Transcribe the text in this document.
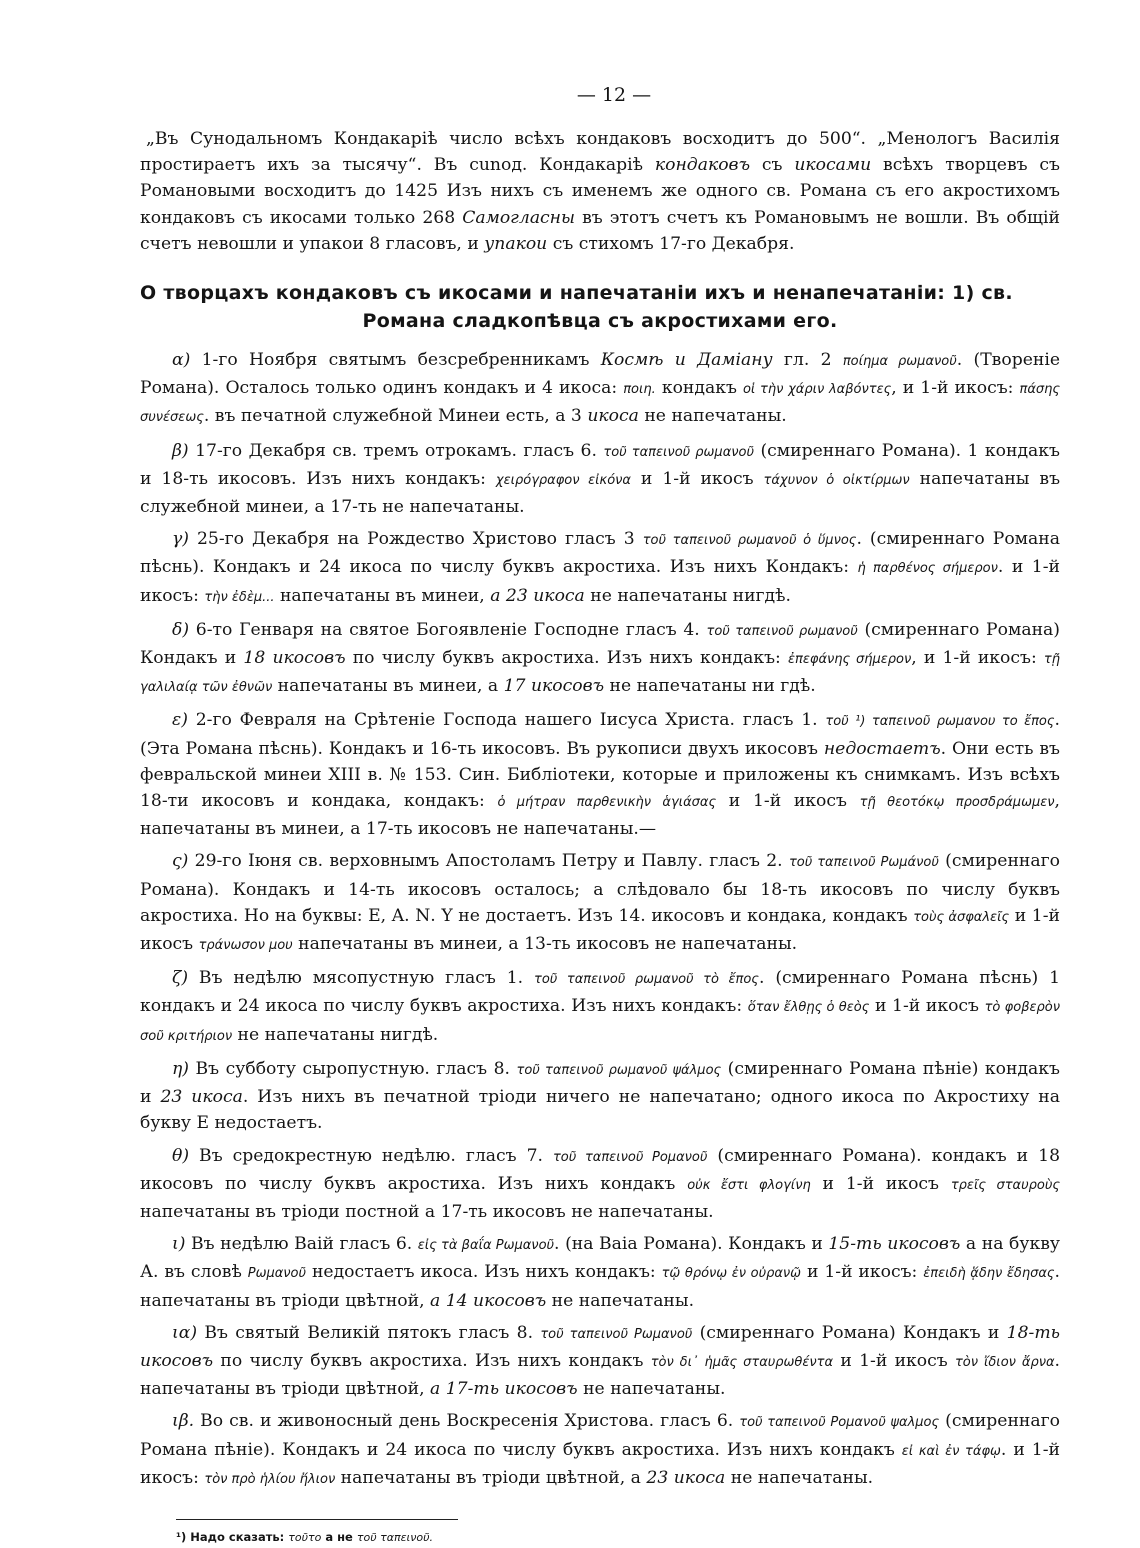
— 12 —

„Въ Сунодальномъ Кондакаріѣ число всѣхъ кондаковъ восходитъ до 500“. „Менологъ Василія простираетъ ихъ за тысячу“. Въ сunод. Кондакаріѣ кондаковъ съ икосами всѣхъ творцевъ съ Романовыми восходитъ до 1425 Изъ нихъ съ именемъ же одного св. Романа съ его акростихомъ кондаковъ съ икосами только 268 Самогласны въ этотъ счетъ къ Романовымъ не вошли. Въ общій счетъ невошли и упакои 8 гласовъ, и упакои съ стихомъ 17-го Декабря.

О творцахъ кондаковъ съ икосами и напечатаніи ихъ и ненапечатаніи: 1) св.
Романа сладкопѣвца съ акростихами его.

α) 1-го Ноября святымъ безсребренникамъ Космѣ и Даміану гл. 2 ποίημα ρωμανοῦ. (Твореніе Романа). Осталось только одинъ кондакъ и 4 икоса: ποιη. кондакъ οἱ τὴν χάριν λαβόντες, и 1-й икосъ: πάσης συνέσεως. въ печатной служебной Минеи есть, а 3 икоса не напечатаны.

β) 17-го Декабря св. тремъ отрокамъ. гласъ 6. τοῦ ταπεινοῦ ρωμανοῦ (смиреннаго Романа). 1 кондакъ и 18-ть икосовъ. Изъ нихъ кондакъ: χειρόγραφον εἰκόνα и 1-й икосъ τάχυνον ὁ οἰκτίρμων напечатаны въ служебной минеи, а 17-ть не напечатаны.

γ) 25-го Декабря на Рождество Христово гласъ 3 τοῦ ταπεινοῦ ρωμανοῦ ὁ ὕμνος. (смиреннаго Романа пѣснь). Кондакъ и 24 икоса по числу буквъ акростиха. Изъ нихъ Кондакъ: ἡ παρθένος σήμερον. и 1-й икосъ: τὴν ἐδὲμ... напечатаны въ минеи, а 23 икоса не напечатаны нигдѣ.

δ) 6-то Генваря на святое Богоявленіе Господне гласъ 4. τοῦ ταπεινοῦ ρωμανοῦ (смиреннаго Романа) Кондакъ и 18 икосовъ по числу буквъ акростиха. Изъ нихъ кондакъ: ἐπεφάνης σήμερον, и 1-й икосъ: τῇ γαλιλαίᾳ τῶν ἐθνῶν напечатаны въ минеи, а 17 икосовъ не напечатаны ни гдѣ.

ε) 2-го Февраля на Срѣтеніе Господа нашего Іисуса Христа. гласъ 1. τοῦ ¹) ταπεινοῦ ρωμανου το ἔπος. (Эта Романа пѣснь). Кондакъ и 16-ть икосовъ. Въ рукописи двухъ икосовъ недостаетъ. Они есть въ февральской минеи XIII в. № 153. Син. Библіотеки, которые и приложены къ снимкамъ. Изъ всѣхъ 18-ти икосовъ и кондака, кондакъ: ὁ μήτραν παρθενικὴν ἁγιάσας и 1-й икосъ τῇ θεοτόκῳ προσδράμωμεν, напечатаны въ минеи, а 17-ть икосовъ не напечатаны.—

ς) 29-го Іюня св. верховнымъ Апостоламъ Петру и Павлу. гласъ 2. τοῦ ταπεινοῦ Ρωμάνοῦ (смиреннаго Романа). Кондакъ и 14-ть икосовъ осталось; а слѣдовало бы 18-ть икосовъ по числу буквъ акростиха. Но на буквы: Ε, Α. Ν. Υ не достаетъ. Изъ 14. икосовъ и кондака, кондакъ τοὺς ἀσφαλεῖς и 1-й икосъ τράνωσον μου напечатаны въ минеи, а 13-ть икосовъ не напечатаны.

ζ) Въ недѣлю мясопустную гласъ 1. τοῦ ταπεινοῦ ρωμανοῦ τὸ ἔπος. (смиреннаго Романа пѣснь) 1 кондакъ и 24 икоса по числу буквъ акростиха. Изъ нихъ кондакъ: ὅταν ἔλθῃς ὁ θεὸς и 1-й икосъ τὸ φοβερὸν σοῦ κριτήριον не напечатаны нигдѣ.

η) Въ субботу сыропустную. гласъ 8. τοῦ ταπεινοῦ ρωμανοῦ ψάλμος (смиреннаго Романа пѣніе) кондакъ и 23 икоса. Изъ нихъ въ печатной тріоди ничего не напечатано; одного икоса по Акростиху на букву Е недостаетъ.

θ) Въ средокрестную недѣлю. гласъ 7. τοῦ ταπεινοῦ Ρομανοῦ (смиреннаго Романа). кондакъ и 18 икосовъ по числу буквъ акростиха. Изъ нихъ кондакъ οὐκ ἔστι φλογίνη и 1-й икосъ τρεῖς σταυροὺς напечатаны въ тріоди постной а 17-ть икосовъ не напечатаны.

ι) Въ недѣлю Ваій гласъ 6. εἰς τὰ βαΐα Ρωμανοῦ. (на Ваіа Романа). Кондакъ и 15-ть икосовъ а на букву А. въ словѣ Ρωμανοῦ недостаетъ икоса. Изъ нихъ кондакъ: τῷ θρόνῳ ἐν οὐρανῷ и 1-й икосъ: ἐπειδὴ ᾅδην ἔδησας. напечатаны въ тріоди цвѣтной, а 14 икосовъ не напечатаны.

ια) Въ святый Великій пятокъ гласъ 8. τοῦ ταπεινοῦ Ρωμανοῦ (смиреннаго Романа) Кондакъ и 18-ть икосовъ по числу буквъ акростиха. Изъ нихъ кондакъ τὸν δι᾽ ἡμᾶς σταυρωθέντα и 1-й икосъ τὸν ἴδιον ἄρνα. напечатаны въ тріоди цвѣтной, а 17-ть икосовъ не напечатаны.

ιβ. Во св. и живоносный день Воскресенія Христова. гласъ 6. τοῦ ταπεινοῦ Ρομανοῦ ψαλμος (смиреннаго Романа пѣніе). Кондакъ и 24 икоса по числу буквъ акростиха. Изъ нихъ кондакъ εἰ καὶ ἐν τάφῳ. и 1-й икосъ: τὸν πρὸ ἡλίου ἥλιον напечатаны въ тріоди цвѣтной, а 23 икоса не напечатаны.

¹) Надо сказать: τοῦτο а не τοῦ ταπεινοῦ.
